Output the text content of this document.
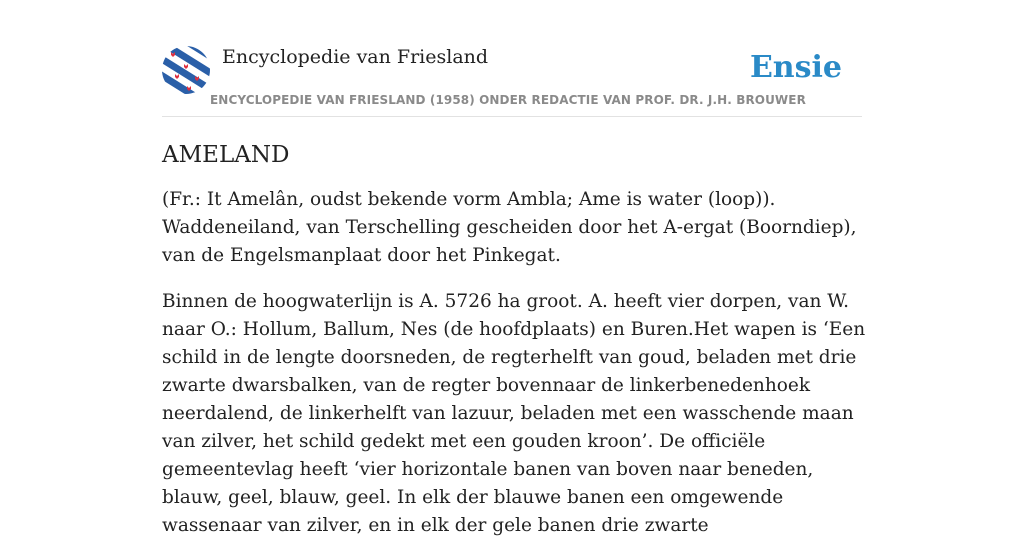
Encyclopedie van Friesland
ENCYCLOPEDIE VAN FRIESLAND (1958) ONDER REDACTIE VAN PROF. DR. J.H. BROUWER
Ensie
AMELAND

(Fr.: It Amelân, oudst bekende vorm Ambla; Ame is water (loop)). Waddeneiland, van Terschelling gescheiden door het A-ergat (Boorndiep), van de Engelsmanplaat door het Pinkegat.

Binnen de hoogwaterlijn is A. 5726 ha groot. A. heeft vier dorpen, van W. naar O.: Hollum, Ballum, Nes (de hoofdplaats) en Buren.Het wapen is ‘Een schild in de lengte doorsneden, de regterhelft van goud, beladen met drie zwarte dwarsbalken, van de regter bovennaar de linkerbenedenhoek neerdalend, de linkerhelft van lazuur, beladen met een wasschende maan van zilver, het schild gedekt met een gouden kroon’. De officiële gemeentevlag heeft ‘vier horizontale banen van boven naar beneden, blauw, geel, blauw, geel. In elk der blauwe banen een omgewende wassenaar van zilver, en in elk der gele banen drie zwarte
